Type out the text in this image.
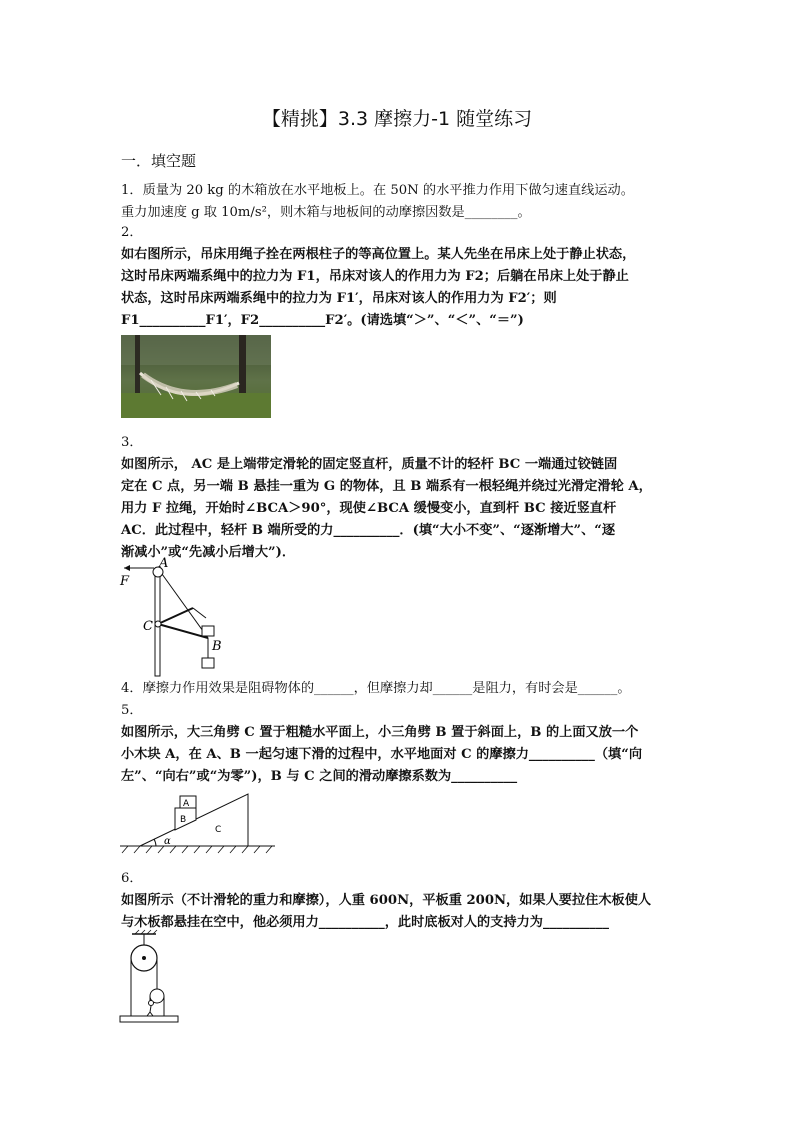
【精挑】3.3 摩擦力-1 随堂练习
一．填空题
1．质量为 20 kg 的木箱放在水平地板上。在 50N 的水平推力作用下做匀速直线运动。
重力加速度 g 取 10m/s²，则木箱与地板间的动摩擦因数是________。
2．
如右图所示，吊床用绳子拴在两根柱子的等高位置上。某人先坐在吊床上处于静止状态，
这时吊床两端系绳中的拉力为 F1，吊床对该人的作用力为 F2；后躺在吊床上处于静止
状态，这时吊床两端系绳中的拉力为 F1′，吊床对该人的作用力为 F2′；则
F1__________F1′，F2__________F2′。(请选填“＞”、“＜”、“＝”)
3．
如图所示， AC 是上端带定滑轮的固定竖直杆，质量不计的轻杆 BC 一端通过铰链固
定在 C 点，另一端 B 悬挂一重为 G 的物体，且 B 端系有一根轻绳并绕过光滑定滑轮 A，
用力 F 拉绳，开始时∠BCA＞90°，现使∠BCA 缓慢变小，直到杆 BC 接近竖直杆
AC．此过程中，轻杆 B 端所受的力__________．(填“大小不变”、“逐渐增大”、“逐
渐减小”或“先减小后增大”)．
A
F
C
B
4．摩擦力作用效果是阻碍物体的______，但摩擦力却______是阻力，有时会是______。
5．
如图所示，大三角劈 C 置于粗糙水平面上，小三角劈 B 置于斜面上，B 的上面又放一个
小木块 A，在 A、B 一起匀速下滑的过程中，水平地面对 C 的摩擦力__________（填“向
左”、“向右”或“为零”)，B 与 C 之间的滑动摩擦系数为__________
A
B
C
α
6．
如图所示（不计滑轮的重力和摩擦），人重 600N，平板重 200N，如果人要拉住木板使人
与木板都悬挂在空中，他必须用力__________，此时底板对人的支持力为__________
